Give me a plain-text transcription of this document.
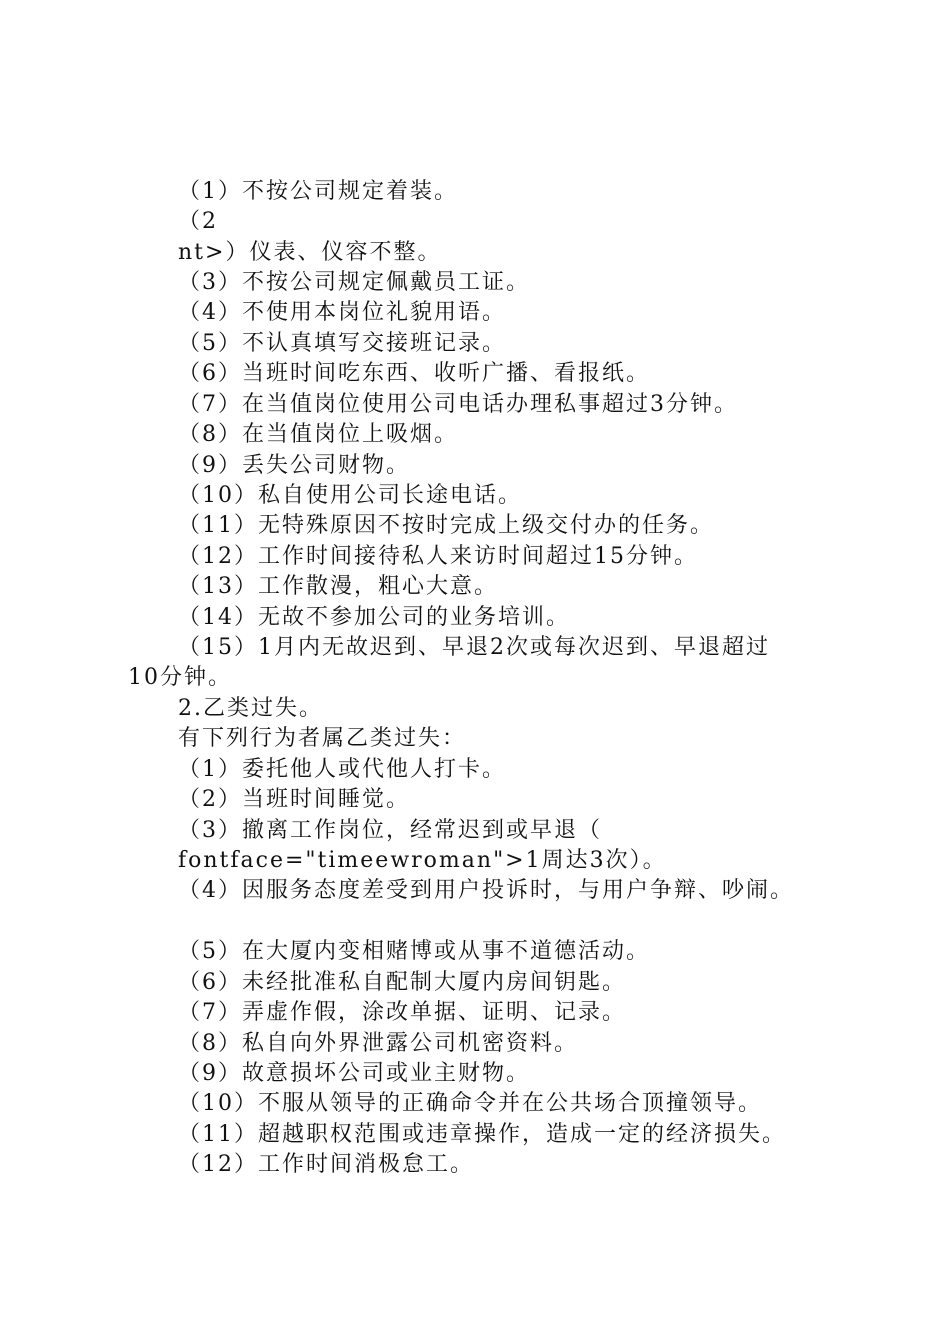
（1）不按公司规定着装。
（2
nt>）仪表、仪容不整。
（3）不按公司规定佩戴员工证。
（4）不使用本岗位礼貌用语。
（5）不认真填写交接班记录。
（6）当班时间吃东西、收听广播、看报纸。
（7）在当值岗位使用公司电话办理私事超过3分钟。
（8）在当值岗位上吸烟。
（9）丢失公司财物。
（10）私自使用公司长途电话。
（11）无特殊原因不按时完成上级交付办的任务。
（12）工作时间接待私人来访时间超过15分钟。
（13）工作散漫，粗心大意。
（14）无故不参加公司的业务培训。
（15）1月内无故迟到、早退2次或每次迟到、早退超过
10分钟。
2.乙类过失。
有下列行为者属乙类过失：
（1）委托他人或代他人打卡。
（2）当班时间睡觉。
（3）撤离工作岗位，经常迟到或早退（
fontface="timeewroman">1周达3次）。
（4）因服务态度差受到用户投诉时，与用户争辩、吵闹。
（5）在大厦内变相赌博或从事不道德活动。
（6）未经批准私自配制大厦内房间钥匙。
（7）弄虚作假，涂改单据、证明、记录。
（8）私自向外界泄露公司机密资料。
（9）故意损坏公司或业主财物。
（10）不服从领导的正确命令并在公共场合顶撞领导。
（11）超越职权范围或违章操作，造成一定的经济损失。
（12）工作时间消极怠工。
